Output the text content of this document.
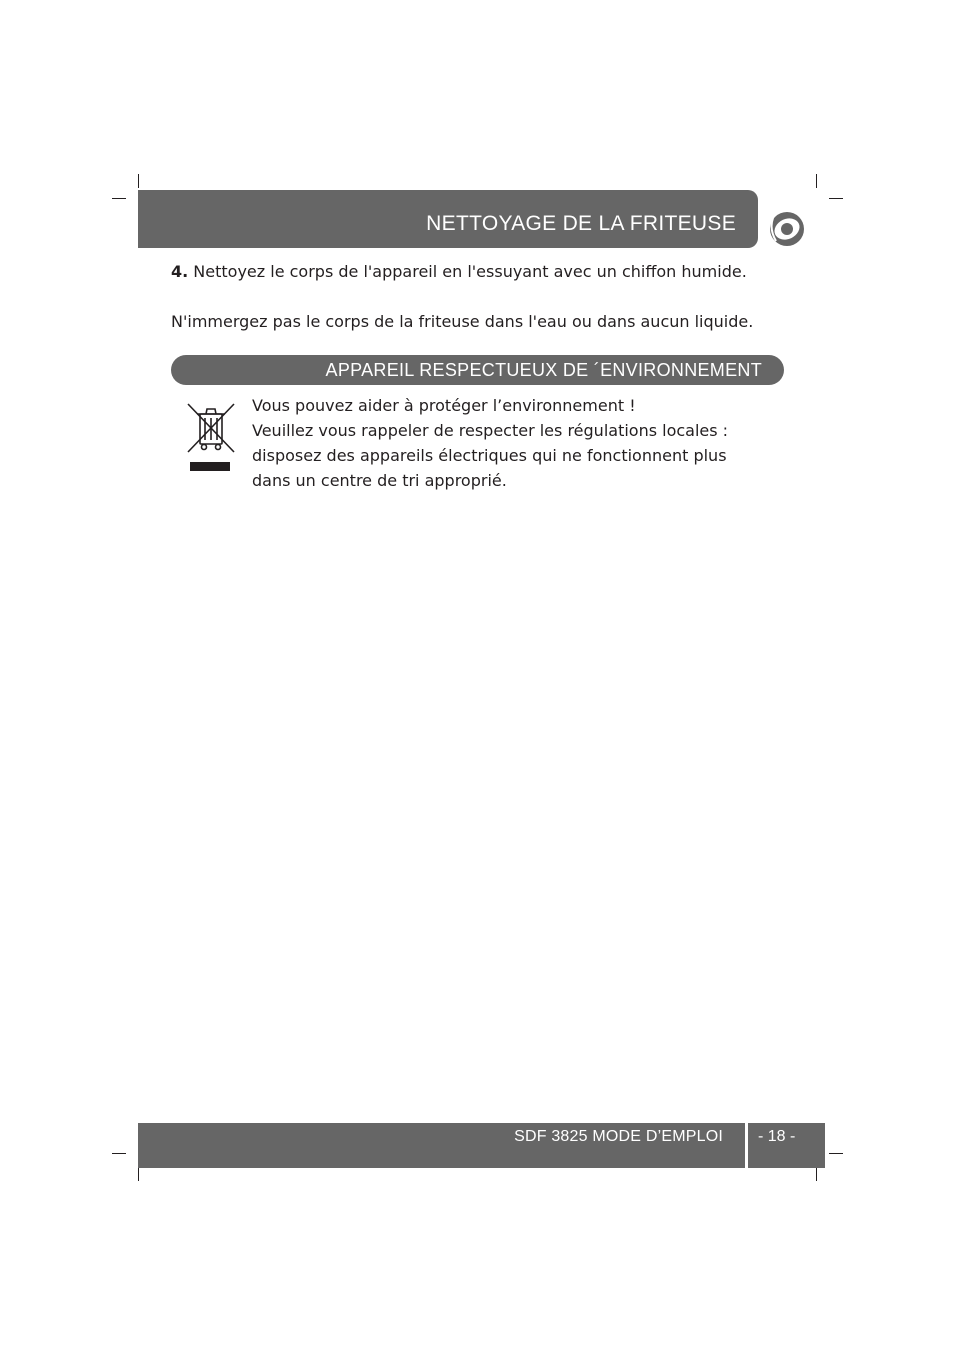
NETTOYAGE DE LA FRITEUSE
4. Nettoyez le corps de l'appareil en l'essuyant avec un chiffon humide.
N'immergez pas le corps de la friteuse dans l'eau ou dans aucun liquide.
APPAREIL RESPECTUEUX DE ´ENVIRONNEMENT
Vous pouvez aider à protéger l’environnement !
Veuillez vous rappeler de respecter les régulations locales :
disposez des appareils électriques qui ne fonctionnent plus
dans un centre de tri approprié.
SDF 3825 MODE D’EMPLOI - 18 -
